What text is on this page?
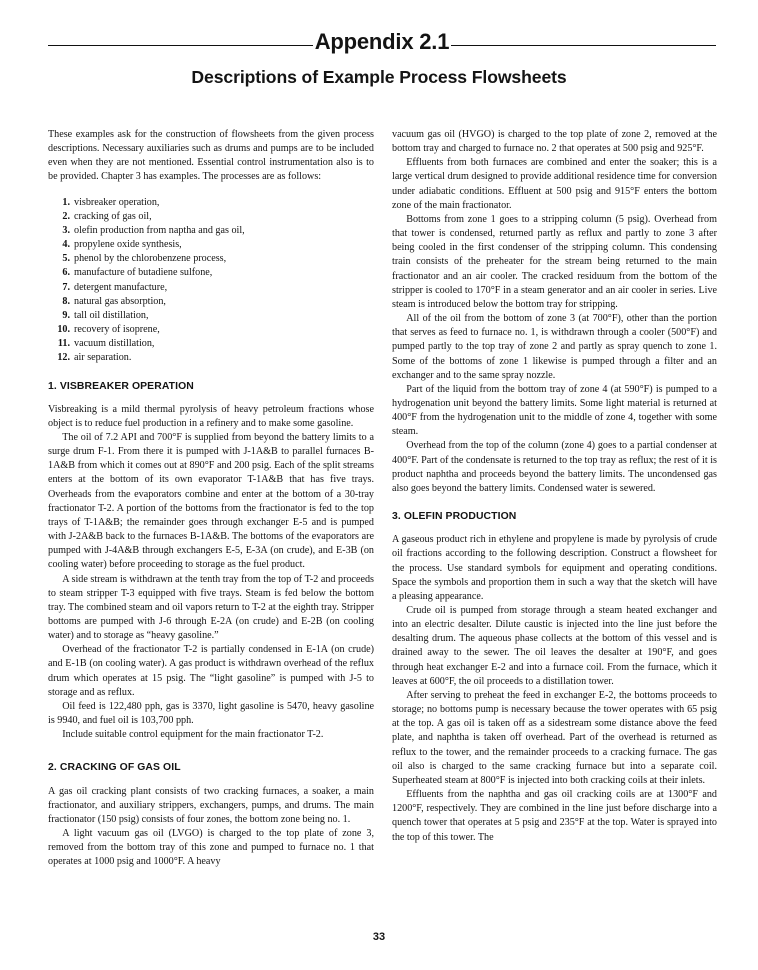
Appendix 2.1
Descriptions of Example Process Flowsheets

These examples ask for the construction of flowsheets from the given process descriptions. Necessary auxiliaries such as drums and pumps are to be included even when they are not mentioned. Essential control instrumentation also is to be provided. Chapter 3 has examples. The processes are as follows:

1. visbreaker operation,
2. cracking of gas oil,
3. olefin production from naptha and gas oil,
4. propylene oxide synthesis,
5. phenol by the chlorobenzene process,
6. manufacture of butadiene sulfone,
7. detergent manufacture,
8. natural gas absorption,
9. tall oil distillation,
10. recovery of isoprene,
11. vacuum distillation,
12. air separation.
1. VISBREAKER OPERATION

Visbreaking is a mild thermal pyrolysis of heavy petroleum fractions whose object is to reduce fuel production in a refinery and to make some gasoline.

The oil of 7.2 API and 700°F is supplied from beyond the battery limits to a surge drum F-1. From there it is pumped with J-1A&B to parallel furnaces B-1A&B from which it comes out at 890°F and 200 psig. Each of the split streams enters at the bottom of its own evaporator T-1A&B that has five trays. Overheads from the evaporators combine and enter at the bottom of a 30-tray fractionator T-2. A portion of the bottoms from the fractionator is fed to the top trays of T-1A&B; the remainder goes through exchanger E-5 and is pumped with J-2A&B back to the furnaces B-1A&B. The bottoms of the evaporators are pumped with J-4A&B through exchangers E-5, E-3A (on crude), and E-3B (on cooling water) before proceeding to storage as the fuel product.

A side stream is withdrawn at the tenth tray from the top of T-2 and proceeds to steam stripper T-3 equipped with five trays. Steam is fed below the bottom tray. The combined steam and oil vapors return to T-2 at the eighth tray. Stripper bottoms are pumped with J-6 through E-2A (on crude) and E-2B (on cooling water) and to storage as “heavy gasoline.”

Overhead of the fractionator T-2 is partially condensed in E-1A (on crude) and E-1B (on cooling water). A gas product is withdrawn overhead of the reflux drum which operates at 15 psig. The “light gasoline” is pumped with J-5 to storage and as reflux.

Oil feed is 122,480 pph, gas is 3370, light gasoline is 5470, heavy gasoline is 9940, and fuel oil is 103,700 pph.

Include suitable control equipment for the main fractionator T-2.

2. CRACKING OF GAS OIL

A gas oil cracking plant consists of two cracking furnaces, a soaker, a main fractionator, and auxiliary strippers, exchangers, pumps, and drums. The main fractionator (150 psig) consists of four zones, the bottom zone being no. 1.

A light vacuum gas oil (LVGO) is charged to the top plate of zone 3, removed from the bottom tray of this zone and pumped to furnace no. 1 that operates at 1000 psig and 1000°F. A heavy

vacuum gas oil (HVGO) is charged to the top plate of zone 2, removed at the bottom tray and charged to furnace no. 2 that operates at 500 psig and 925°F.

Effluents from both furnaces are combined and enter the soaker; this is a large vertical drum designed to provide additional residence time for conversion under adiabatic conditions. Effluent at 500 psig and 915°F enters the bottom zone of the main fractionator.

Bottoms from zone 1 goes to a stripping column (5 psig). Overhead from that tower is condensed, returned partly as reflux and partly to zone 3 after being cooled in the first condenser of the stripping column. This condensing train consists of the preheater for the stream being returned to the main fractionator and an air cooler. The cracked residuum from the bottom of the stripper is cooled to 170°F in a steam generator and an air cooler in series. Live steam is introduced below the bottom tray for stripping.

All of the oil from the bottom of zone 3 (at 700°F), other than the portion that serves as feed to furnace no. 1, is withdrawn through a cooler (500°F) and pumped partly to the top tray of zone 2 and partly as spray quench to zone 1. Some of the bottoms of zone 1 likewise is pumped through a filter and an exchanger and to the same spray nozzle.

Part of the liquid from the bottom tray of zone 4 (at 590°F) is pumped to a hydrogenation unit beyond the battery limits. Some light material is returned at 400°F from the hydrogenation unit to the middle of zone 4, together with some steam.

Overhead from the top of the column (zone 4) goes to a partial condenser at 400°F. Part of the condensate is returned to the top tray as reflux; the rest of it is product naphtha and proceeds beyond the battery limits. The uncondensed gas also goes beyond the battery limits. Condensed water is sewered.

3. OLEFIN PRODUCTION

A gaseous product rich in ethylene and propylene is made by pyrolysis of crude oil fractions according to the following description. Construct a flowsheet for the process. Use standard symbols for equipment and operating conditions. Space the symbols and proportion them in such a way that the sketch will have a pleasing appearance.

Crude oil is pumped from storage through a steam heated exchanger and into an electric desalter. Dilute caustic is injected into the line just before the desalting drum. The aqueous phase collects at the bottom of this vessel and is drained away to the sewer. The oil leaves the desalter at 190°F, and goes through heat exchanger E-2 and into a furnace coil. From the furnace, which it leaves at 600°F, the oil proceeds to a distillation tower.

After serving to preheat the feed in exchanger E-2, the bottoms proceeds to storage; no bottoms pump is necessary because the tower operates with 65 psig at the top. A gas oil is taken off as a sidestream some distance above the feed plate, and naphtha is taken off overhead. Part of the overhead is returned as reflux to the tower, and the remainder proceeds to a cracking furnace. The gas oil also is charged to the same cracking furnace but into a separate coil. Superheated steam at 800°F is injected into both cracking coils at their inlets.

Effluents from the naphtha and gas oil cracking coils are at 1300°F and 1200°F, respectively. They are combined in the line just before discharge into a quench tower that operates at 5 psig and 235°F at the top. Water is sprayed into the top of this tower. The

33
